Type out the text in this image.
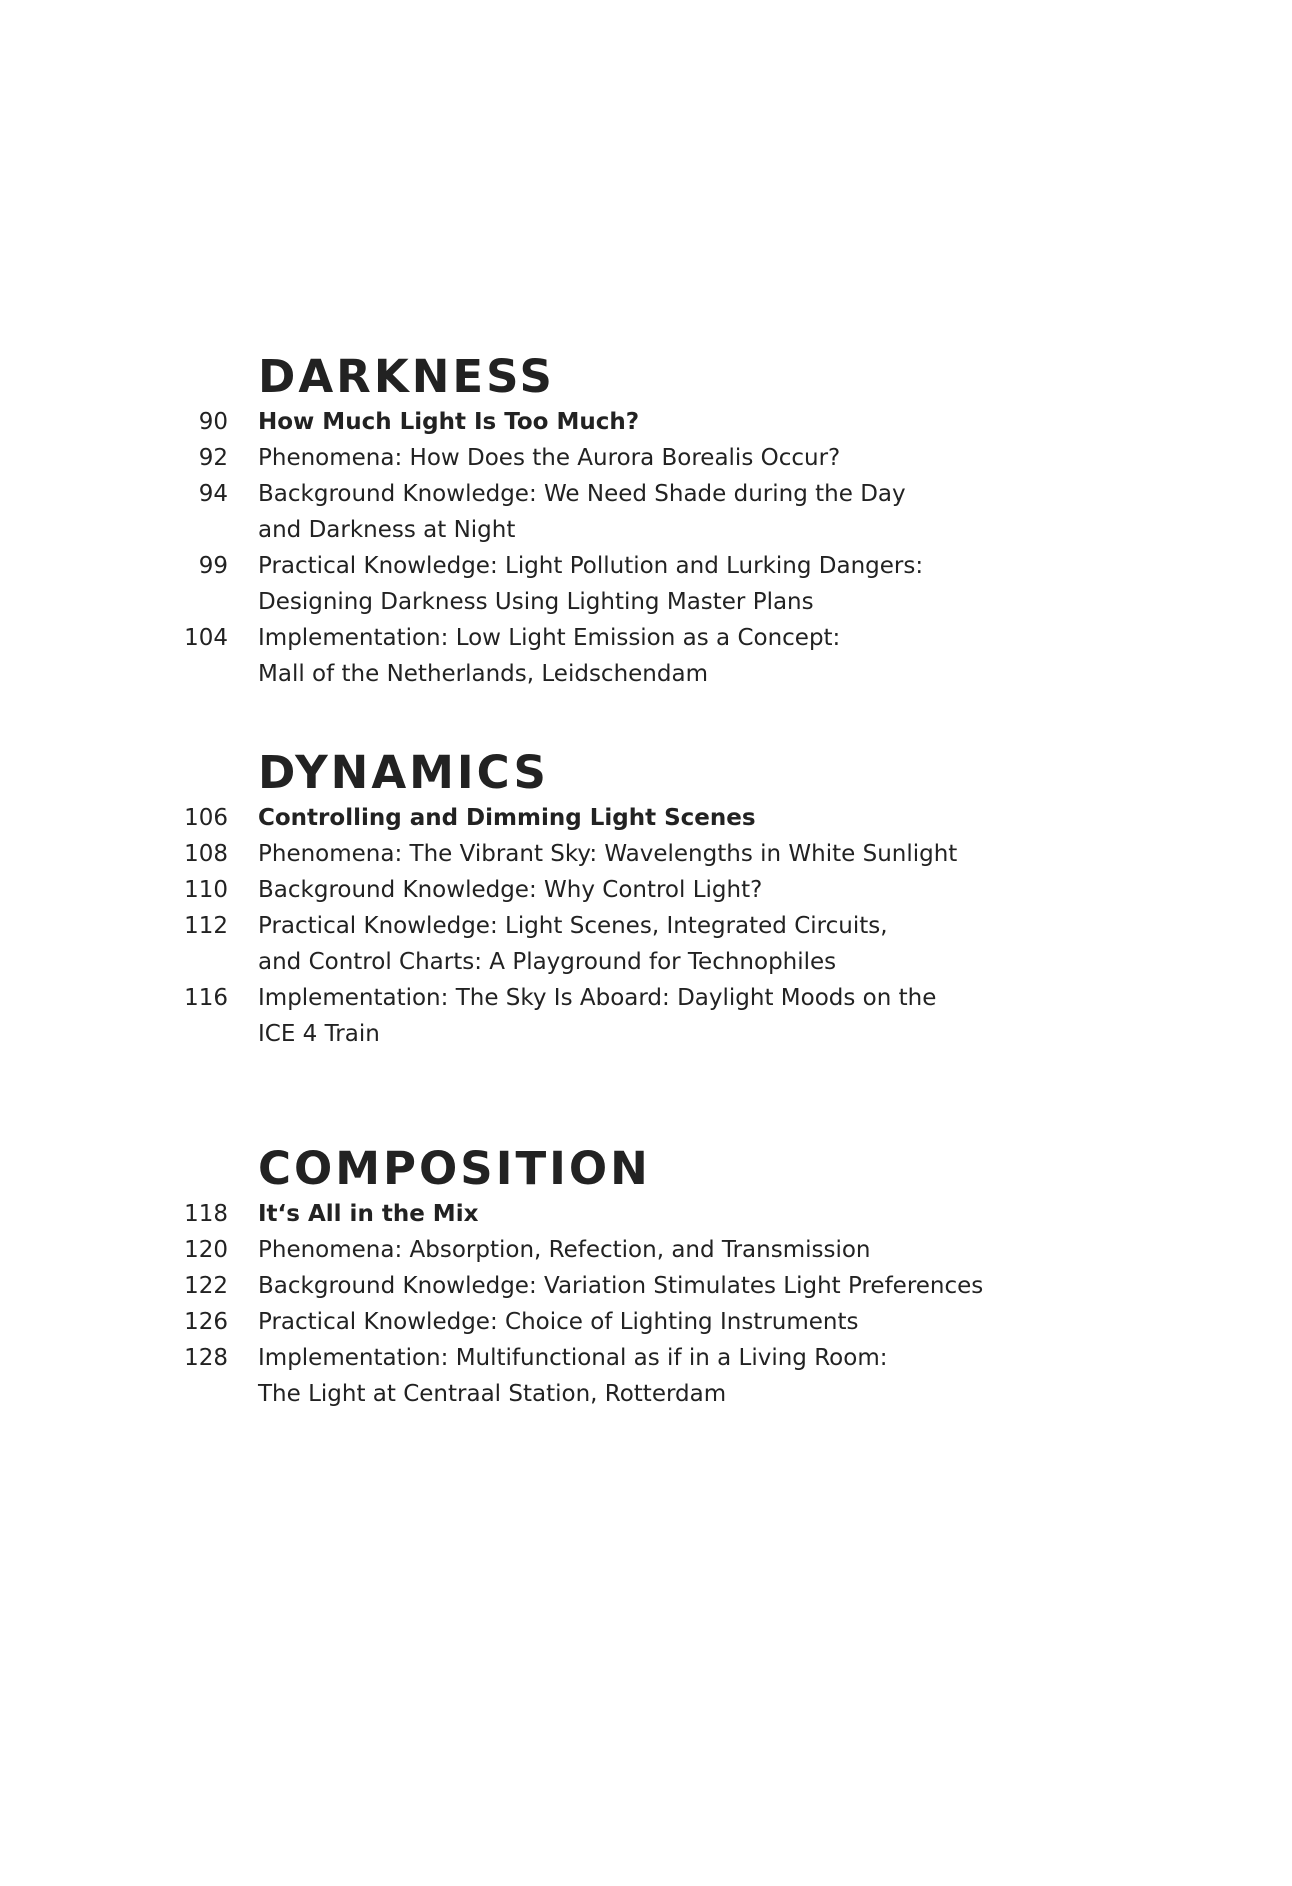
DARKNESS
90 How Much Light Is Too Much?
92 Phenomena: How Does the Aurora Borealis Occur?
94 Background Knowledge: We Need Shade during the Day
and Darkness at Night
99 Practical Knowledge: Light Pollution and Lurking Dangers:
Designing Darkness Using Lighting Master Plans
104 Implementation: Low Light Emission as a Concept:
Mall of the Netherlands, Leidschendam
DYNAMICS
106 Controlling and Dimming Light Scenes
108 Phenomena: The Vibrant Sky: Wavelengths in White Sunlight
110 Background Knowledge: Why Control Light?
112 Practical Knowledge: Light Scenes, Integrated Circuits,
and Control Charts: A Playground for Technophiles
116 Implementation: The Sky Is Aboard: Daylight Moods on the
ICE 4 Train
COMPOSITION
118 It‘s All in the Mix
120 Phenomena: Absorption, Refection, and Transmission
122 Background Knowledge: Variation Stimulates Light Preferences
126 Practical Knowledge: Choice of Lighting Instruments
128 Implementation: Multifunctional as if in a Living Room:
The Light at Centraal Station, Rotterdam
